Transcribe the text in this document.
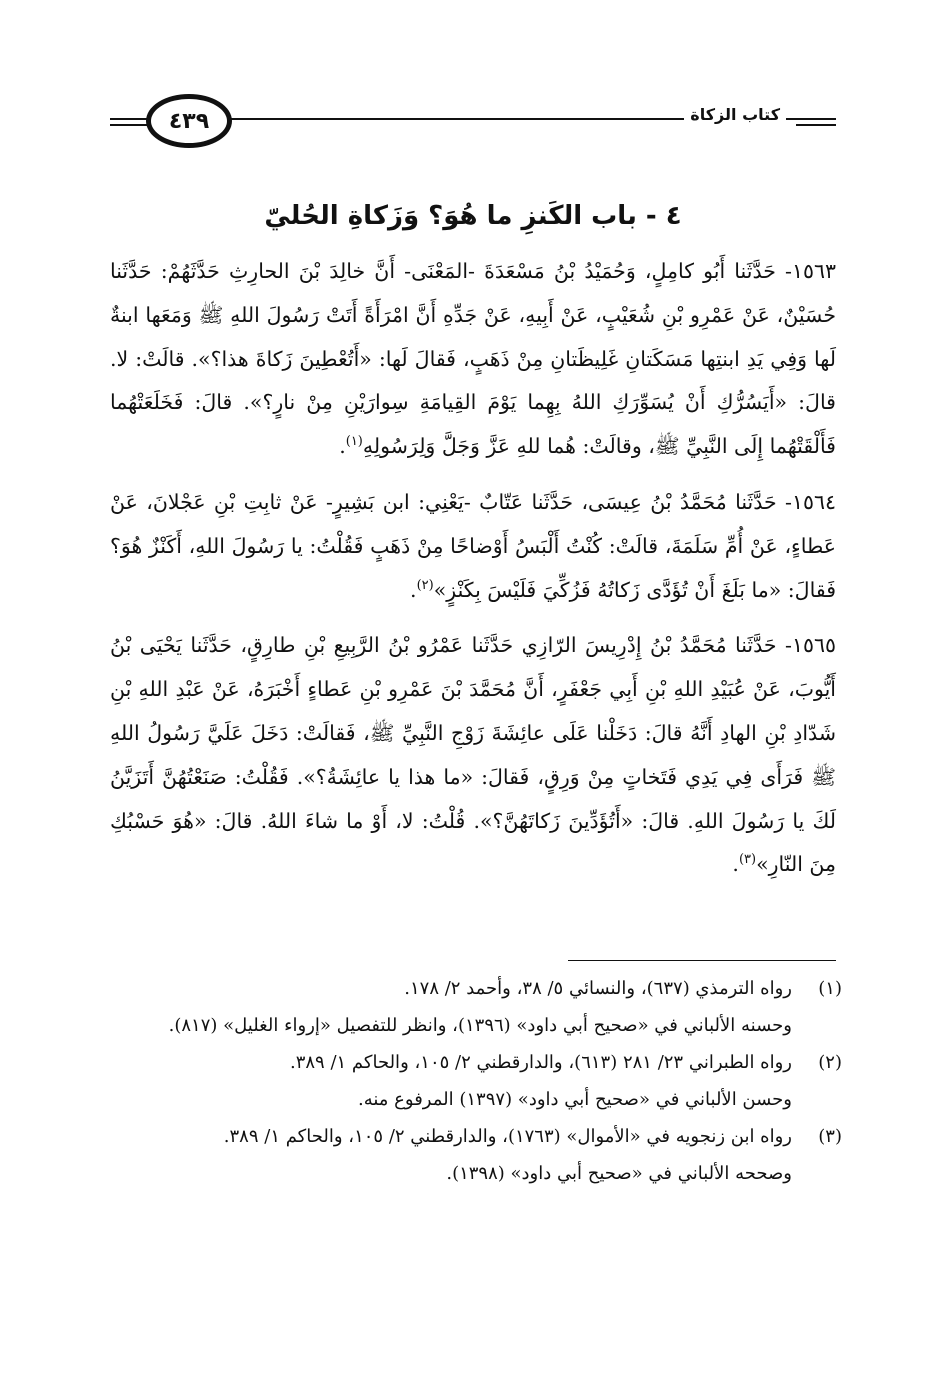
٤٣٩	كتاب الزكاة
٤ - باب الكَنزِ ما هُوَ؟ وَزَكاةِ الحُليّ

١٥٦٣- حَدَّثَنا أَبُو كامِلٍ، وَحُمَيْدُ بْنُ مَسْعَدَةَ -المَعْنَى- أَنَّ خالِدَ بْنَ الحارِثِ حَدَّثَهُمْ: حَدَّثَنا حُسَيْنٌ، عَنْ عَمْرِو بْنِ شُعَيْبٍ، عَنْ أَبِيهِ، عَنْ جَدِّهِ أَنَّ امْرَأَةً أَتَتْ رَسُولَ اللهِ ﷺ وَمَعَها ابنةٌ لَها وَفِي يَدِ ابنتِها مَسَكَتانِ غَلِيظَتانِ مِنْ ذَهَبٍ، فَقالَ لَها: «أَتُعْطِينَ زَكاةَ هذا؟». قالَتْ: لا. قالَ: «أَيَسُرُّكِ أَنْ يُسَوِّرَكِ اللهُ بِهِما يَوْمَ القِيامَةِ سِوارَيْنِ مِنْ نارٍ؟». قالَ: فَخَلَعَتْهُما فَأَلْقَتْهُما إِلَى النَّبِيِّ ﷺ، وقالَتْ: هُما للهِ عَزَّ وَجَلَّ وَلِرَسُولِهِ$^{(١)}$.

١٥٦٤- حَدَّثَنا مُحَمَّدُ بْنُ عِيسَى، حَدَّثَنا عَتّابٌ -يَعْنِي: ابن بَشِيرٍ- عَنْ ثابِتِ بْنِ عَجْلانَ، عَنْ عَطاءٍ، عَنْ أُمِّ سَلَمَةَ، قالَتْ: كُنْتُ أَلْبَسُ أَوْضاحًا مِنْ ذَهَبٍ فَقُلْتُ: يا رَسُولَ اللهِ، أَكَنْزٌ هُوَ؟ فَقالَ: «ما بَلَغَ أَنْ تُؤَدَّى زَكاتُهُ فَزُكِّيَ فَلَيْسَ بِكَنْزٍ»$^{(٢)}$.

١٥٦٥- حَدَّثَنا مُحَمَّدُ بْنُ إِدْرِيسَ الرّازِي حَدَّثَنا عَمْرُو بْنُ الرَّبِيعِ بْنِ طارِقٍ، حَدَّثَنا يَحْيَى بْنُ أَيُّوبَ، عَنْ عُبَيْدِ اللهِ بْنِ أَبِي جَعْفَرٍ، أَنَّ مُحَمَّدَ بْنَ عَمْرِو بْنِ عَطاءٍ أَخْبَرَهُ، عَنْ عَبْدِ اللهِ بْنِ شَدّادِ بْنِ الهادِ أَنَّهُ قالَ: دَخَلْنا عَلَى عائِشَةَ زَوْجِ النَّبِيِّ ﷺ، فَقالَتْ: دَخَلَ عَلَيَّ رَسُولُ اللهِ ﷺ فَرَأَى فِي يَدِي فَتَخاتٍ مِنْ وَرِقٍ، فَقالَ: «ما هذا يا عائِشَةُ؟». فَقُلْتُ: صَنَعْتُهُنَّ أَتَزَيَّنُ لَكَ يا رَسُولَ اللهِ. قالَ: «أَتُؤَدِّينَ زَكاتَهُنَّ؟». قُلْتُ: لا، أَوْ ما شاءَ اللهُ. قالَ: «هُوَ حَسْبُكِ مِنَ النّارِ»$^{(٣)}$.

(١)
رواه الترمذي (٦٣٧)، والنسائي ٥/ ٣٨، وأحمد ٢/ ١٧٨.
وحسنه الألباني في «صحيح أبي داود» (١٣٩٦)، وانظر للتفصيل «إرواء الغليل» (٨١٧).
(٢)
رواه الطبراني ٢٣/ ٢٨١ (٦١٣)، والدارقطني ٢/ ١٠٥، والحاكم ١/ ٣٨٩.
وحسن الألباني في «صحيح أبي داود» (١٣٩٧) المرفوع منه.
(٣)
رواه ابن زنجويه في «الأموال» (١٧٦٣)، والدارقطني ٢/ ١٠٥، والحاكم ١/ ٣٨٩.
وصححه الألباني في «صحيح أبي داود» (١٣٩٨).
